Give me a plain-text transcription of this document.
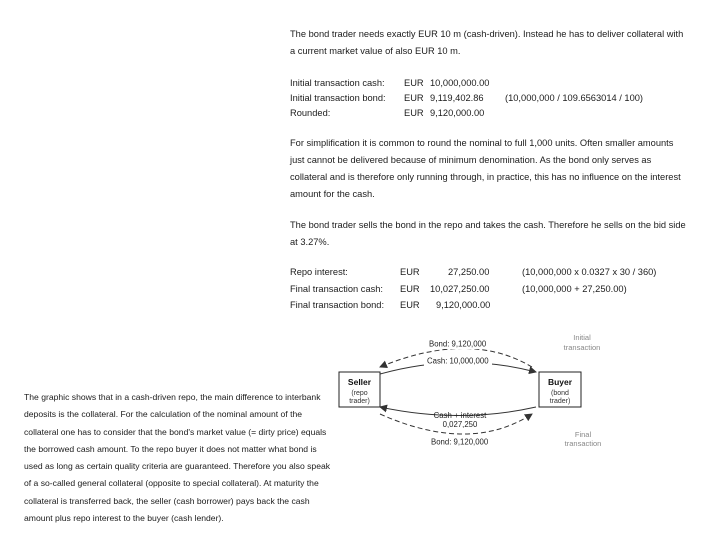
The bond trader needs exactly EUR 10 m (cash-driven). Instead he has to deliver collateral with a current market value of also EUR 10 m.

Initial transaction cash: EUR 10,000,000.00
Initial transaction bond: EUR 9,119,402.86 (10,000,000 / 109.6563014 / 100)
Rounded:	EUR 9,120,000.00

For simplification it is common to round the nominal to full 1,000 units. Often smaller amounts just cannot be delivered because of minimum denomination. As the bond only serves as collateral and is therefore only running through, in practice, this has no influence on the interest amount for the cash.

The bond trader sells the bond in the repo and takes the cash. Therefore he sells on the bid side at 3.27%.

Repo interest:	EUR	27,250.00	(10,000,000 x 0.0327 x 30 / 360)
Final transaction cash: EUR 10,027,250.00	(10,000,000 + 27,250.00)
Final transaction bond: EUR 9,120,000.00
Seller
(repo
trader)
Buyer
(bond
trader)
Bond: 9,120,000
Cash: 10,000,000
Cash + interest
0,027,250
Bond: 9,120,000
Initial
transaction
Final
transaction

The graphic shows that in a cash-driven repo, the main difference to interbank deposits is the collateral. For the calculation of the nominal amount of the collateral one has to consider that the bond's market value (= dirty price) equals the borrowed cash amount. To the repo buyer it does not matter what bond is used as long as certain quality criteria are guaranteed. Therefore you also speak of a so-called general collateral (opposite to special collateral). At maturity the collateral is transferred back, the seller (cash borrower) pays back the cash amount plus repo interest to the buyer (cash lender).
